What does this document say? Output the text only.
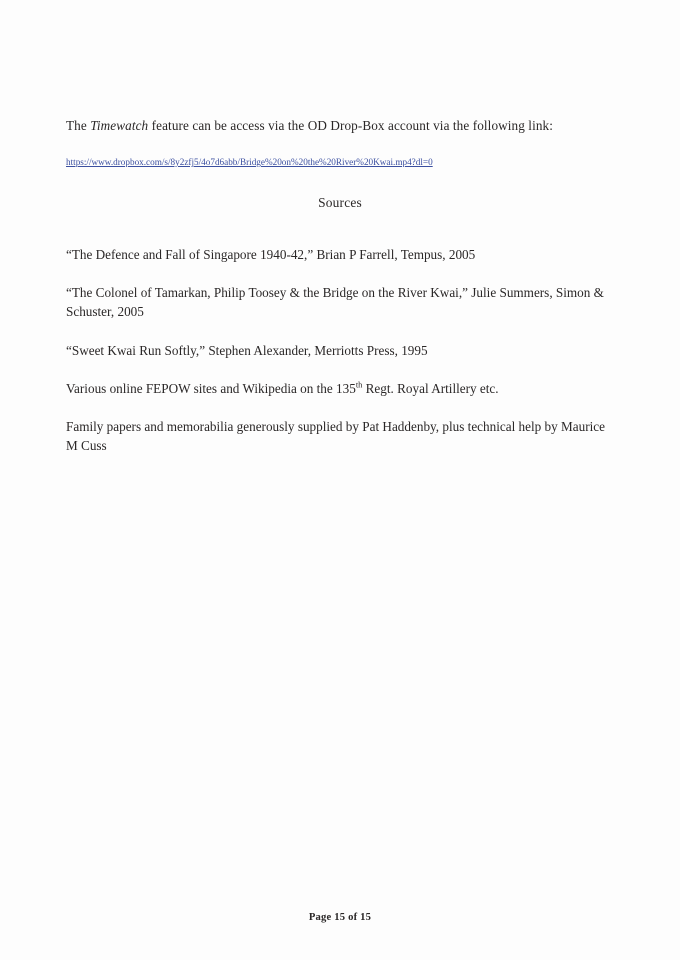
The Timewatch feature can be access via the OD Drop-Box account via the following link:

https://www.dropbox.com/s/8y2zfj5/4o7d6abb/Bridge%20on%20the%20River%20Kwai.mp4?dl=0

Sources

“The Defence and Fall of Singapore 1940-42,” Brian P Farrell, Tempus, 2005

“The Colonel of Tamarkan, Philip Toosey & the Bridge on the River Kwai,” Julie Summers, Simon & Schuster, 2005

“Sweet Kwai Run Softly,” Stephen Alexander, Merriotts Press, 1995

Various online FEPOW sites and Wikipedia on the 135th Regt. Royal Artillery etc.

Family papers and memorabilia generously supplied by Pat Haddenby, plus technical help by Maurice M Cuss

Page 15 of 15
